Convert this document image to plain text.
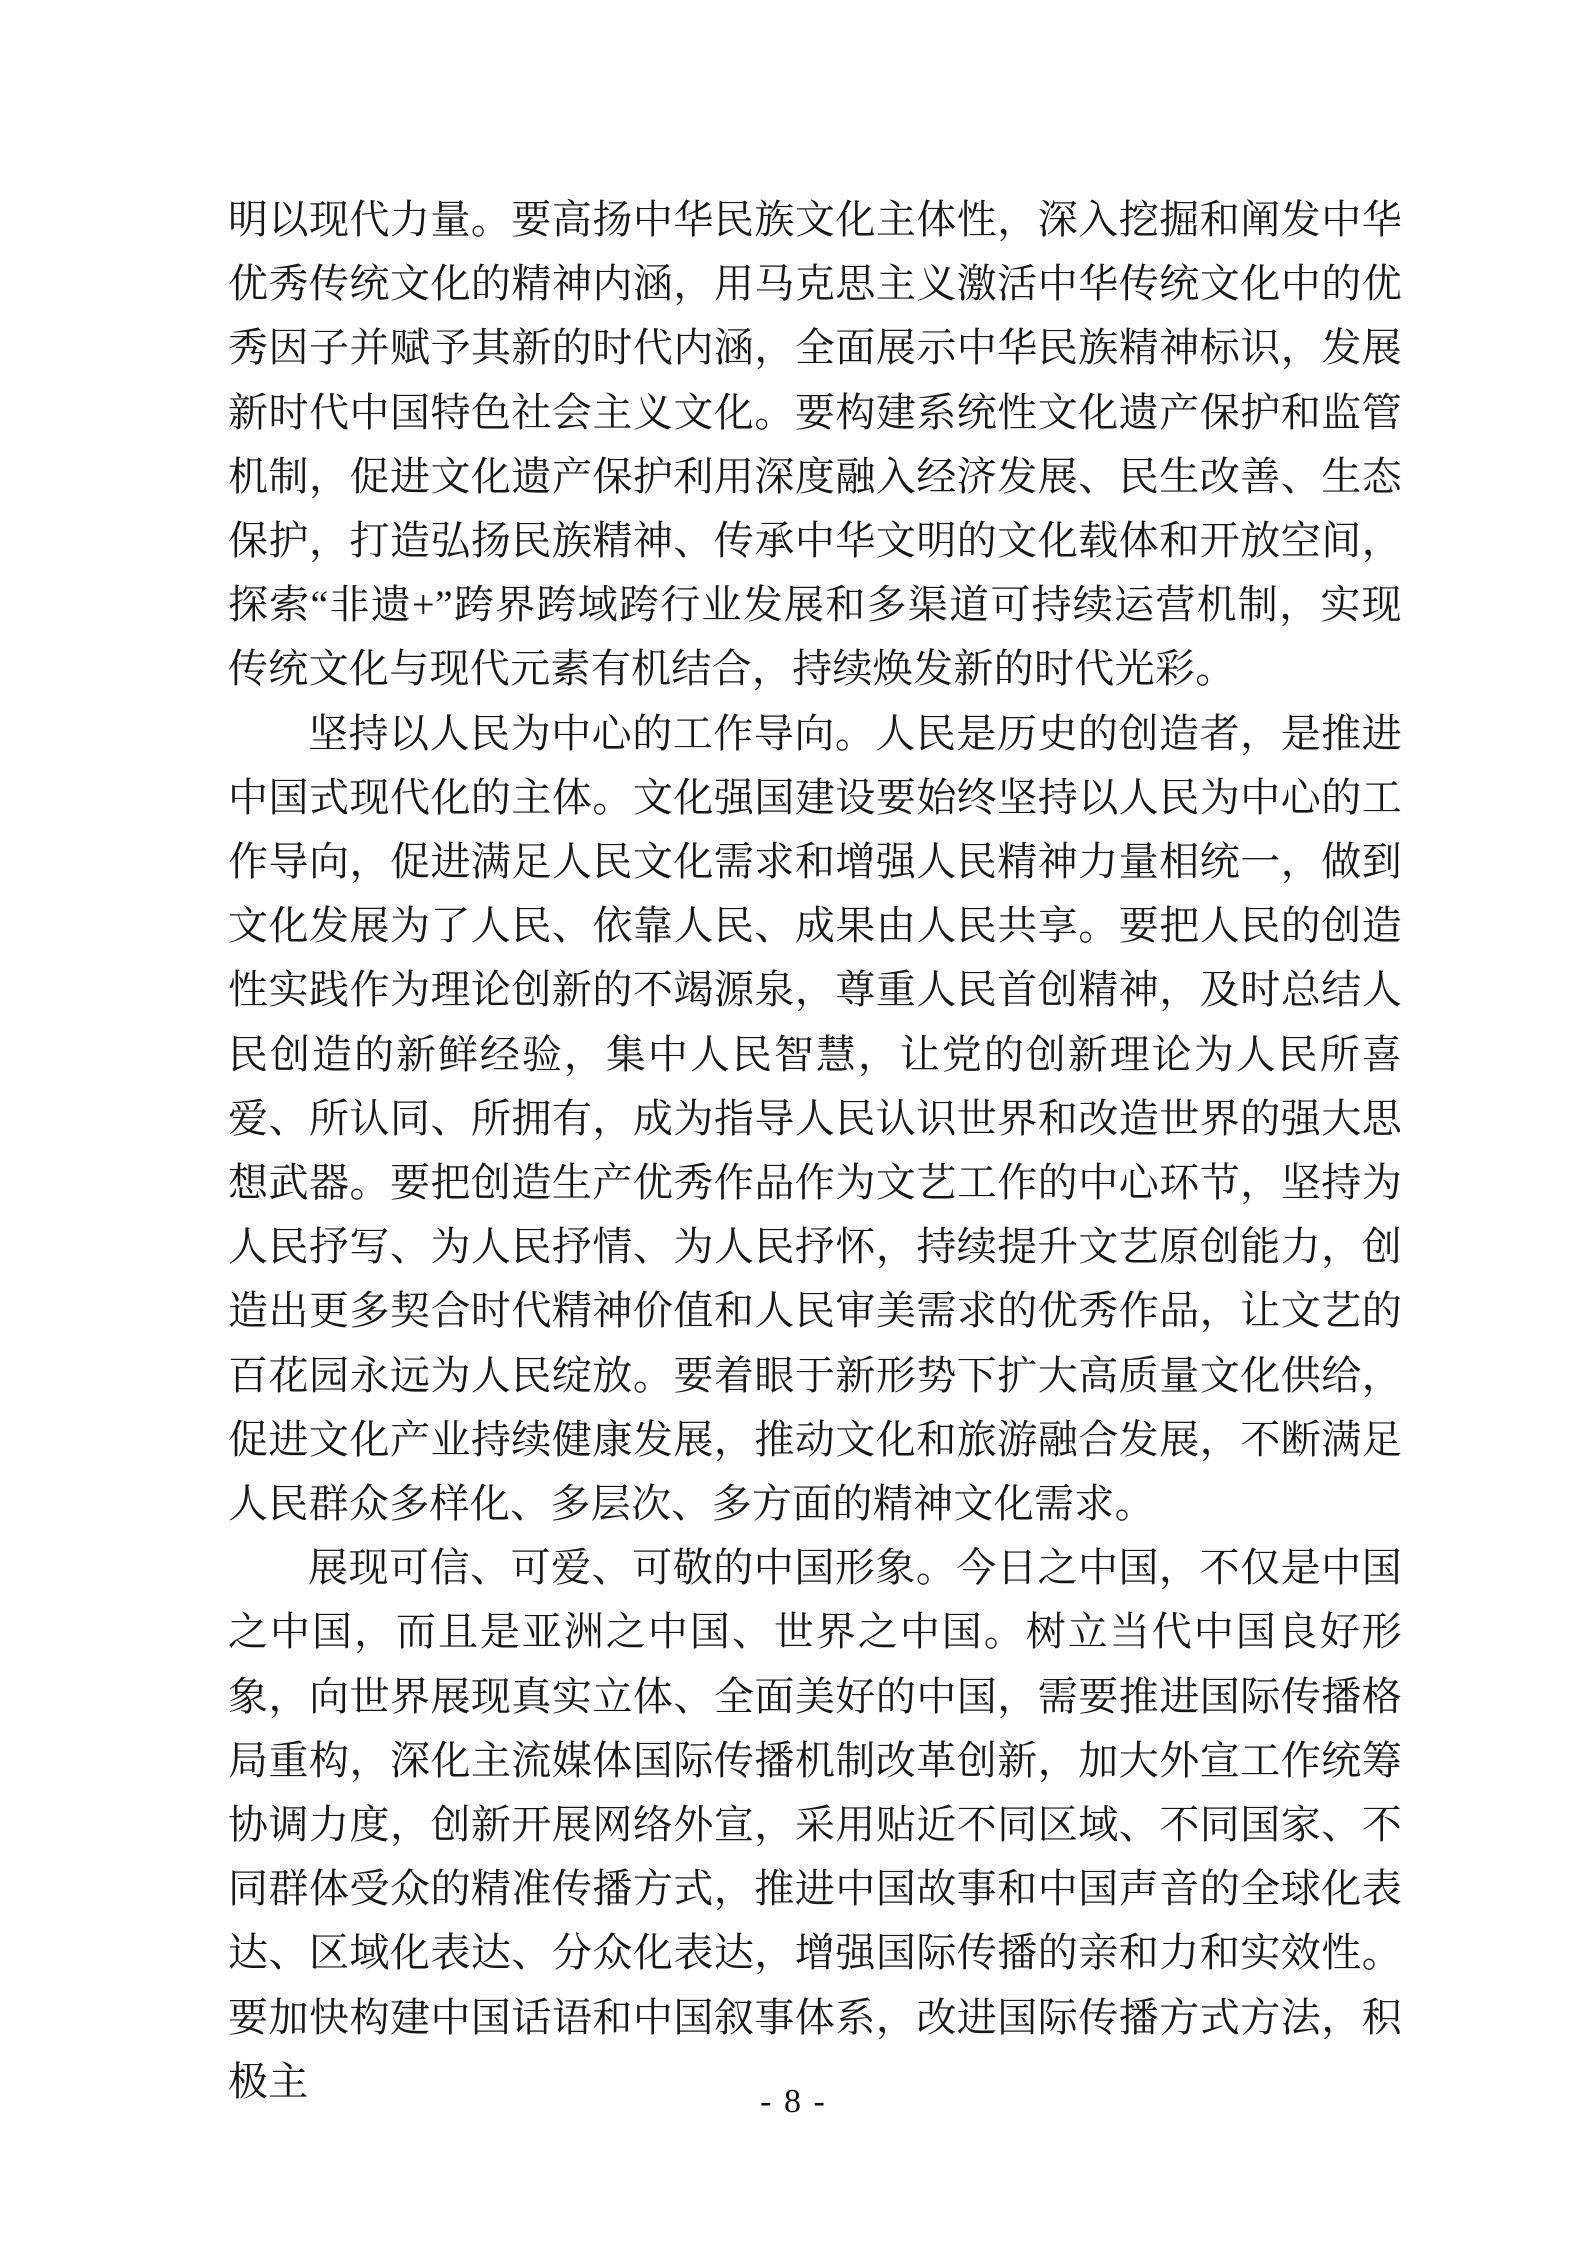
明以现代力量。要高扬中华民族文化主体性，深入挖掘和阐发中华优秀传统文化的精神内涵，用马克思主义激活中华传统文化中的优秀因子并赋予其新的时代内涵，全面展示中华民族精神标识，发展新时代中国特色社会主义文化。要构建系统性文化遗产保护和监管机制，促进文化遗产保护利用深度融入经济发展、民生改善、生态保护，打造弘扬民族精神、传承中华文明的文化载体和开放空间，探索“非遗+”跨界跨域跨行业发展和多渠道可持续运营机制，实现传统文化与现代元素有机结合，持续焕发新的时代光彩。

坚持以人民为中心的工作导向。人民是历史的创造者，是推进中国式现代化的主体。文化强国建设要始终坚持以人民为中心的工作导向，促进满足人民文化需求和增强人民精神力量相统一，做到文化发展为了人民、依靠人民、成果由人民共享。要把人民的创造性实践作为理论创新的不竭源泉，尊重人民首创精神，及时总结人民创造的新鲜经验，集中人民智慧，让党的创新理论为人民所喜爱、所认同、所拥有，成为指导人民认识世界和改造世界的强大思想武器。要把创造生产优秀作品作为文艺工作的中心环节，坚持为人民抒写、为人民抒情、为人民抒怀，持续提升文艺原创能力，创造出更多契合时代精神价值和人民审美需求的优秀作品，让文艺的百花园永远为人民绽放。要着眼于新形势下扩大高质量文化供给，促进文化产业持续健康发展，推动文化和旅游融合发展，不断满足人民群众多样化、多层次、多方面的精神文化需求。

展现可信、可爱、可敬的中国形象。今日之中国，不仅是中国之中国，而且是亚洲之中国、世界之中国。树立当代中国良好形象，向世界展现真实立体、全面美好的中国，需要推进国际传播格局重构，深化主流媒体国际传播机制改革创新，加大外宣工作统筹协调力度，创新开展网络外宣，采用贴近不同区域、不同国家、不同群体受众的精准传播方式，推进中国故事和中国声音的全球化表达、区域化表达、分众化表达，增强国际传播的亲和力和实效性。要加快构建中国话语和中国叙事体系，改进国际传播方式方法，积极主	- 8 -
